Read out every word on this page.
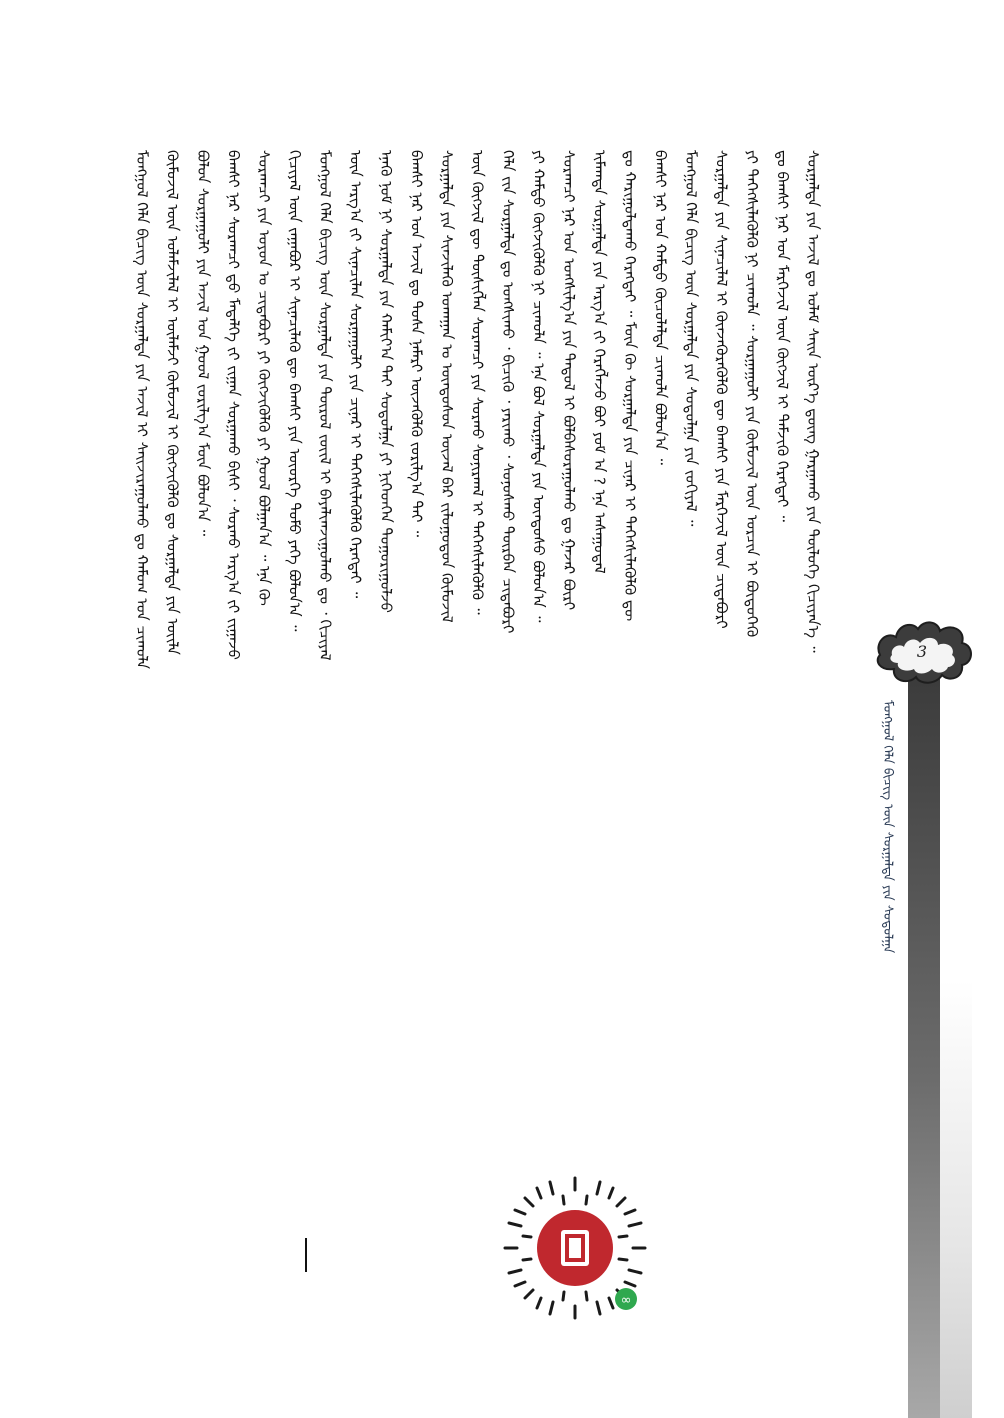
ᠮᠣᠩᠭᠣᠯ ᠬᠡᠯᠡ ᠪᠢᠴᠢᠭ᠌ ᠦᠨ ᠰᠤᠷᠭᠠᠯᠲᠠ ᠶᠢᠨ ᠠᠵᠢᠯ ᠢ ᠰᠠᠢᠵᠢᠷᠠᠭᠤᠯᠬᠤ ᠳᠤ ᠬᠠᠮᠤᠭ ᠤᠨ ᠴᠢᠬᠤᠯᠠ ᠬᠦᠮᠦᠵᠢᠯ ᠦᠨ ᠤᠯᠠᠮᠵᠢᠯᠠᠯ ᠢ ᠦᠯᠡᠮᠵᠢ ᠬᠦᠮᠦᠵᠢᠯ ᠢ ᠬᠥᠭᠵᠢᠭᠦᠯᠬᠦ ᠳᠤ ᠰᠤᠷᠭᠠᠯᠲᠠ ᠶᠢᠨ ᠦᠢᠯᠡ ᠪᠤᠯᠤᠨ ᠰᠤᠷᠭᠠᠭᠤᠯᠢ ᠶᠢᠨ ᠠᠵᠢᠯ ᠤᠨ ᠭᠣᠣᠯ ᠵᠣᠷᠢᠯᠭ᠎ᠠ ᠮᠥᠨ ᠪᠣᠯᠤᠨ᠎ᠠ ᠃ ᠪᠠᠭᠰᠢ ᠨᠠᠷ ᠰᠤᠷᠠᠭᠴᠢ ᠳ᠋ᠤ ᠮᠡᠳᠡᠯᠭᠡ ᠵᠢ ᠵᠢᠭᠠᠨ ᠰᠤᠷᠭᠠᠬᠤ ᠪᠢᠰᠢ ᠂ ᠰᠤᠷᠬᠤ ᠠᠷᠭ᠎ᠠ ᠵᠢ ᠵᠢᠭᠠᠵᠤ ᠰᠤᠷᠠᠭᠴᠢ ᠶᠢᠨ ᠣᠶᠤᠨ ᠤ ᠴᠢᠳᠠᠪᠤᠷᠢ ᠶᠢ ᠬᠥᠭᠵᠢᠭᠦᠯᠬᠦ ᠶᠢ ᠭᠣᠣᠯ ᠪᠣᠯᠭᠠᠨ᠎ᠠ ᠃ ᠡᠨᠡ ᠬᠦ ᠬᠢᠴᠢᠶᠡᠯ ᠦᠨ ᠵᠠᠭᠠᠪᠤᠷ ᠢ ᠰᠢᠨᠡᠴᠢᠯᠡᠬᠦ ᠳᠦ ᠪᠠᠭᠰᠢ ᠶᠢᠨ ᠦᠦᠷᠭᠡ ᠲᠣᠮᠣ ᠶᠡᠬᠡ ᠪᠣᠯᠤᠨ᠎ᠠ ᠃ ᠮᠣᠩᠭᠣᠯ ᠬᠡᠯᠡ ᠪᠢᠴᠢᠭ᠌ ᠦᠨ ᠰᠤᠷᠭᠠᠯᠲᠠ ᠶᠢᠨ ᠲᠥᠷᠥᠯ ᠵᠦᠢᠯ ᠢ ᠪᠠᠶᠠᠯᠢᠭᠵᠢᠭᠤᠯᠬᠤ ᠳᠤ ᠂ ᠬᠢᠴᠢᠶᠡᠯ ᠦᠨ ᠠᠷᠭ᠎ᠠ ᠵᠢ ᠰᠢᠨᠡᠴᠢᠯᠡᠨ ᠰᠤᠷᠭᠠᠭᠤᠯᠢ ᠶᠢᠨ ᠴᠢᠨᠠᠷ ᠢ ᠳᠡᠭᠡᠭᠰᠢᠯᠡᠭᠦᠯᠬᠦ ᠬᠡᠷᠡᠭᠲᠡᠢ ᠃ ᠡᠨᠡᠬᠦ ᠨᠣᠮ ᠨᠢ ᠰᠤᠷᠭᠠᠯᠲᠠ ᠶᠢᠨ ᠬᠠᠮᠢᠶ᠎ᠠ ᠲᠠᠢ ᠰᠤᠳᠤᠯᠭᠠ ᠶᠢ ᠨᠢᠭᠡᠳᠭᠡᠨ ᠲᠣᠭᠤᠷᠢᠭᠤᠯᠵᠤ ᠪᠠᠭᠰᠢ ᠨᠠᠷ ᠤᠨ ᠠᠵᠢᠯ ᠳᠤ ᠲᠤᠰᠠ ᠨᠡᠮᠡᠷᠢ ᠦᠵᠡᠭᠦᠯᠬᠦ ᠵᠣᠷᠢᠯᠭ᠎ᠠ ᠲᠠᠢ ᠃ ᠰᠤᠷᠭᠠᠯᠲᠠ ᠶᠢᠨ ᠰᠢᠨᠵᠢᠯᠡᠬᠦ ᠤᠬᠠᠭᠠᠨ ᠤ ᠦᠨᠳᠦᠰᠦᠨ ᠦᠵᠡᠯ ᠪᠠᠷ ᠵᠢᠯᠤᠭᠤᠳᠤᠨ ᠬᠦᠮᠦᠵᠢᠯ ᠦᠨ ᠬᠥᠭᠵᠢᠯ ᠳᠦ ᠲᠦᠰᠢᠭᠯᠡᠨ ᠰᠤᠷᠠᠭᠴᠢ ᠶᠢᠨ ᠰᠤᠷᠬᠤ ᠰᠣᠨᠢᠷᠬᠠᠯ ᠢ ᠳᠡᠭᠡᠭᠰᠢᠯᠡᠭᠦᠯᠬᠦ ᠃ ᠬᠡᠯᠡ ᠵᠢᠨ ᠰᠤᠷᠭᠠᠯᠲᠠ ᠳᠤ ᠤᠩᠰᠢᠬᠤ ᠂ ᠪᠢᠴᠢᠬᠦ ᠂ ᠶᠠᠷᠢᠬᠤ ᠂ ᠰᠣᠨᠣᠰᠬᠤ ᠳᠥᠷᠪᠡᠨ ᠴᠢᠳᠠᠪᠤᠷᠢ ᠶᠢ ᠬᠠᠮᠲᠤ ᠬᠥᠭᠵᠢᠭᠦᠯᠬᠦ ᠨᠢ ᠴᠢᠬᠤᠯᠠ ᠃ ᠡᠨᠡ ᠪᠣᠯ ᠰᠤᠷᠭᠠᠯᠲᠠ ᠶᠢᠨ ᠦᠨᠳᠦᠰᠦ ᠪᠣᠯᠤᠨ᠎ᠠ ᠃ ᠰᠤᠷᠠᠭᠴᠢ ᠨᠠᠷ ᠤᠨ ᠤᠩᠰᠢᠯᠭ᠎ᠠ ᠶᠢᠨ ᠳᠠᠳᠤᠯ ᠢ ᠪᠣᠯᠪᠠᠰᠤᠷᠠᠭᠤᠯᠬᠤ ᠳᠤ ᠭᠠᠵᠠᠷ ᠪᠦᠷᠢ ᠢᠮᠠᠭᠲᠠ ᠰᠤᠷᠭᠠᠯᠲᠠ ᠶᠢᠨ ᠠᠷᠭ᠎ᠠ ᠵᠢ ᠬᠡᠷᠡᠭᠯᠡᠵᠦ ᠪᠤᠢ ᠶᠤᠮ ᠠ ? ᠡᠨᠡ ᠠᠰᠠᠭᠤᠳᠠᠯ ᠳᠤ ᠬᠠᠷᠢᠭᠤᠯᠳᠠᠬᠤ ᠬᠡᠷᠡᠭᠲᠡᠢ ᠃ ᠮᠥᠨ ᠬᠦ ᠰᠤᠷᠭᠠᠯᠲᠠ ᠶᠢᠨ ᠴᠢᠨᠠᠷ ᠢ ᠳᠡᠭᠡᠭᠰᠢᠯᠡᠭᠦᠯᠬᠦ ᠳᠦ ᠪᠠᠭᠰᠢ ᠨᠠᠷ ᠤᠨ ᠬᠠᠮᠲᠤ ᠬᠦᠴᠦᠯᠡᠯᠲᠡ ᠴᠢᠬᠤᠯᠠ ᠪᠣᠯᠤᠨ᠎ᠠ ᠃ ᠮᠣᠩᠭᠣᠯ ᠬᠡᠯᠡ ᠪᠢᠴᠢᠭ᠌ ᠦᠨ ᠰᠤᠷᠭᠠᠯᠲᠠ ᠶᠢᠨ ᠰᠤᠳᠤᠯᠭᠠ ᠶᠢᠨ ᠵᠣᠬᠢᠶᠠᠯ ᠃ ᠰᠤᠷᠭᠠᠯᠲᠠ ᠶᠢᠨ ᠰᠢᠨᠡᠴᠢᠯᠡᠯ ᠢ ᠭᠦᠨᠵᠡᠭᠦᠷᠡᠭᠦᠯᠬᠦ ᠳᠦ ᠪᠠᠭᠰᠢ ᠶᠢᠨ ᠮᠡᠷᠭᠡᠵᠢᠯ ᠦᠨ ᠴᠢᠳᠠᠪᠤᠷᠢ ᠶᠢ ᠳᠡᠭᠡᠭᠰᠢᠯᠡᠭᠦᠯᠬᠦ ᠨᠢ ᠴᠢᠬᠤᠯᠠ ᠃ ᠰᠤᠷᠭᠠᠭᠤᠯᠢ ᠶᠢᠨ ᠬᠦᠮᠦᠵᠢᠯ ᠦᠨ ᠣᠷᠴᠢᠨ ᠢ ᠪᠦᠲᠦᠭᠡᠬᠦ ᠳᠤ ᠪᠠᠭᠰᠢ ᠨᠠᠷ ᠤᠨ ᠮᠡᠷᠭᠡᠵᠢᠯ ᠦᠨ ᠬᠥᠭᠵᠢᠯ ᠢ ᠳᠡᠮᠵᠢᠬᠦ ᠬᠡᠷᠡᠭᠲᠡᠢ ᠃ ᠰᠤᠷᠭᠠᠯᠲᠠ ᠶᠢᠨ ᠠᠵᠢᠯ ᠳᠤ ᠤᠯᠠᠮ ᠰᠠᠢᠨ ᠦᠷ᠎ᠡ ᠳ᠋ᠦᠩ ᠭᠠᠷᠭᠠᠬᠤ ᠶᠢᠨ ᠲᠥᠯᠦᠭᠡ ᠬᠢᠴᠢᠶᠡᠨ᠎ᠡ ᠃
∞
3
ᠮᠣᠩᠭᠣᠯ ᠬᠡᠯᠡ ᠪᠢᠴᠢᠭ᠌ ᠦᠨ ᠰᠤᠷᠭᠠᠯᠲᠠ ᠶᠢᠨ ᠰᠤᠳᠤᠯᠭᠠ
